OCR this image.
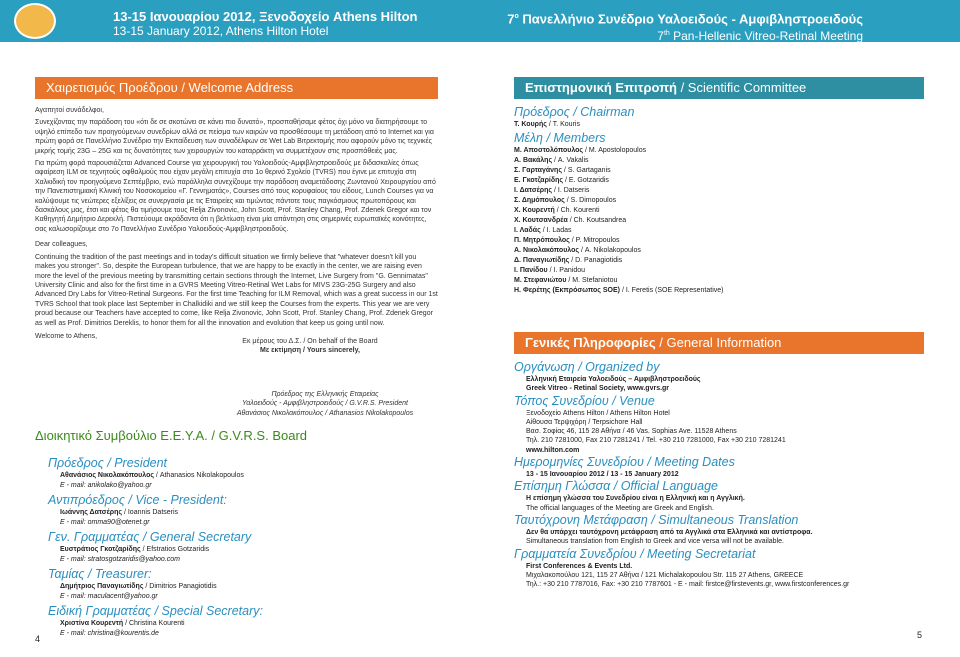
13-15 Ιανουαρίου 2012, Ξενοδοχείο Athens Hilton
13-15 January 2012, Athens Hilton Hotel
$7^o$ Πανελλήνιο Συνέδριο Υαλοειδούς - Αμφιβληστροειδούς
7th Pan-Hellenic Vitreo-Retinal Meeting
Χαιρετισμός Προέδρου / Welcome Address

Αγαπητοί συνάδελφοι,

Συνεχίζοντας την παράδοση του «ότι δε σε σκοτώνει σε κάνει πιο δυνατό», προσπαθήσαμε φέτος όχι μόνο να διατηρήσουμε το υψηλό επίπεδο των προηγούμενων συνεδρίων αλλά σε πείσμα των καιρών να προσθέσουμε τη μετάδοση από το Internet και για πρώτη φορά σε Πανελλήνιο Συνέδριο την Εκπαίδευση των συναδέλφων σε Wet Lab Βιτρεκτομής που αφορούν μόνο τις τεχνικές μικρής τομής 23G – 25G και τις δυνατότητες των χειρουργών του καταρράκτη να συμμετέχουν στις προσπάθειές μας.

Για πρώτη φορά παρουσιάζεται Advanced Course για χειρουργική του Υαλοειδούς-Αμφιβληστροειδούς με διδασκαλίες όπως αφαίρεση ILM σε τεχνητούς οφθαλμούς που είχαν μεγάλη επιτυχία στο 1ο θερινό Σχολείο (TVRS) που έγινε με επιτυχία στη Χαλκιδική τον προηγούμενο Σεπτέμβριο, ενώ παράλληλα συνεχίζουμε την παράδοση αναμετάδοσης Ζωντανού Χειρουργείου από την Πανεπιστημιακή Κλινική του Νοσοκομείου «Γ. Γεννηματάς», Courses από τους κορυφαίους του είδους, Lunch Courses για να καλύψουμε τις νεώτερες εξελίξεις σε συνεργασία με τις Εταιρείες και τιμώντας πάντοτε τους παγκόσμιους πρωτοπόρους και δασκάλους μας, έτσι και φέτος θα τιμήσουμε τους Relja Zivonovic, John Scott, Prof. Stanley Chang, Prof. Zdenek Gregor και τον Καθηγητή Δημήτριο Δερεκλή. Πιστεύουμε ακράδαντα ότι η βελτίωση είναι μία απάντηση στις σημερινές ευρωπαϊκές κοινότητες, σας καλωσορίζουμε στο 7ο Πανελλήνιο Συνέδριο Υαλοειδούς-Αμφιβληστροειδούς.

Dear colleagues,

Continuing the tradition of the past meetings and in today's difficult situation we firmly believe that "whatever doesn't kill you makes you stronger". So, despite the European turbulence, that we are happy to be exactly in the center, we are raising even more the level of the previous meeting by transmitting certain sections through the Internet, Live Surgery from "G. Gennimatas" University Clinic and also for the first time in a GVRS Meeting Vitreo-Retinal Wet Labs for MIVS 23G-25G Surgery and also Advanced Dry Labs for Vitreo-Retinal Surgeons. For the first time Teaching for ILM Removal, which was a great success in our 1st TVRS School that took place last September in Chalkidiki and we still keep the Courses from the experts. This year we are very proud because our Teachers have accepted to come, like Relja Zivonovic, John Scott, Prof. Stanley Chang, Prof. Zdenek Gregor as well as Prof. Dimitrios Dereklis, to honor them for all the innovation and evolution that keep us going until now.

Welcome to Athens,

Εκ μέρους του Δ.Σ. / On behalf of the Board
Με εκτίμηση / Yours sincerely,
Πρόεδρος της Ελληνικής Εταιρείας
Υαλοειδούς - Αμφιβληστροειδούς / G.V.R.S. President
Αθανάσιος Νικολακόπουλος / Athanasios Nikolakopoulos
Διοικητικό Συμβούλιο Ε.Ε.Υ.Α. / G.V.R.S. Board
Πρόεδρος / President
Αθανάσιος Νικολακόπουλος / Athanasios Nikolakopoulos
E - mail: anikolako@yahoo.gr
Αντιπρόεδρος / Vice - President:
Ιωάννης Δατσέρης / Ioannis Datseris
E - mail: omma90@otenet.gr
Γεν. Γραμματέας / General Secretary
Ευστράτιος Γκοτζαρίδης / Efstratios Gotzaridis
E - mail: stratosgotzaridis@yahoo.com
Ταμίας / Treasurer:
Δημήτριος Παναγιωτίδης / Dimitrios Panagiotidis
E - mail: maculacent@yahoo.gr
Ειδική Γραμματέας / Special Secretary:
Χριστίνα Κουρεντή / Christina Kourenti
E - mail: christina@kourentis.de
Επιστημονική Επιτροπή / Scientific Committee
Πρόεδρος / Chairman
Τ. Κουρής / T. Kouris
Μέλη / Members
Μ. Αποστολόπουλος / M. Apostolopoulos
Α. Βακάλης / A. Vakalis
Σ. Γαρταγάνης / S. Gartaganis
Ε. Γκοτζαρίδης / E. Gotzaridis
Ι. Δατσέρης / I. Datseris
Σ. Δημόπουλος / S. Dimopoulos
Χ. Κουρεντή / Ch. Kourenti
Χ. Κουτσανδρέα / Ch. Koutsandrea
Ι. Λαδάς / I. Ladas
Π. Μητρόπουλος / P. Mitropoulos
Α. Νικολακόπουλος / A. Nikolakopoulos
Δ. Παναγιωτίδης / D. Panagiotidis
Ι. Πανίδου / I. Panidou
Μ. Στεφανιώτου / M. Stefaniotou
Η. Φερέτης (Εκπρόσωπος SOE) / I. Feretis (SOE Representative)
Γενικές Πληροφορίες / General Information
Οργάνωση / Organized by
Ελληνική Εταιρεία Υαλοειδούς – Αμφιβληστροειδούς
Greek Vitreo - Retinal Society, www.gvrs.gr
Τόπος Συνεδρίου / Venue
Ξενοδοχείο Athens Hilton / Athens Hilton Hotel
Αίθουσα Τερψιχόρη / Terpsichore Hall
Βασ. Σοφίας 46, 115 28 Αθήνα / 46 Vas. Sophias Ave. 11528 Athens
Τηλ. 210 7281000, Fax 210 7281241 / Tel. +30 210 7281000, Fax +30 210 7281241
www.hilton.com
Ημερομηνίες Συνεδρίου / Meeting Dates
13 - 15 Ιανουαρίου 2012 / 13 - 15 January 2012
Επίσημη Γλώσσα / Official Language
Η επίσημη γλώσσα του Συνεδρίου είναι η Ελληνική και η Αγγλική.
The official languages of the Meeting are Greek and English.
Ταυτόχρονη Μετάφραση / Simultaneous Translation
Δεν θα υπάρχει ταυτόχρονη μετάφραση από τα Αγγλικά στα Ελληνικά και αντίστροφα.
Simultaneous translation from English to Greek and vice versa will not be available.
Γραμματεία Συνεδρίου / Meeting Secretariat
First Conferences & Events Ltd.
Μιχαλακοπούλου 121, 115 27 Αθήνα / 121 Michalakopoulou Str. 115 27 Athens, GREECE
Τηλ.: +30 210 7787016, Fax: +30 210 7787601 - E - mail: firstce@firstevents.gr, www.firstconferences.gr
4	5
